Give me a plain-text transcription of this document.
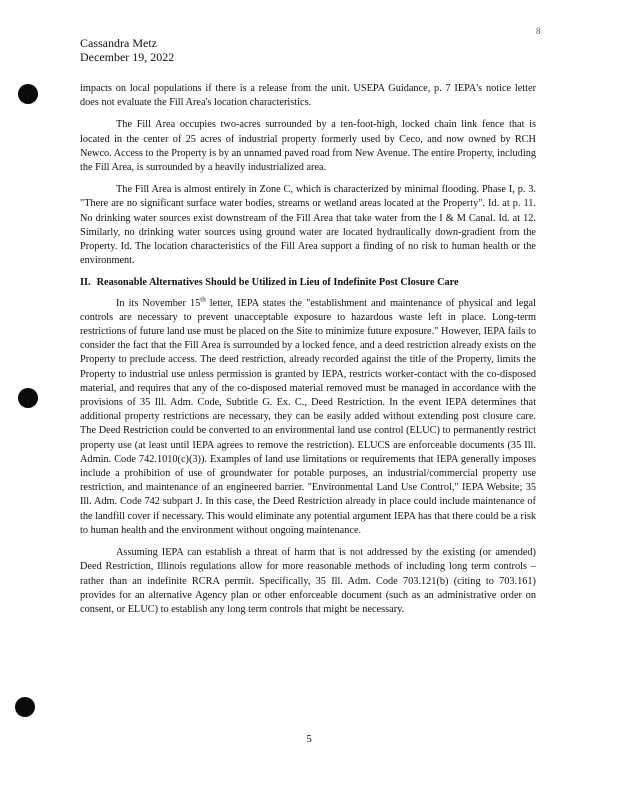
8
Cassandra Metz
December 19, 2022

impacts on local populations if there is a release from the unit. USEPA Guidance, p. 7 IEPA's notice letter does not evaluate the Fill Area's location characteristics.

The Fill Area occupies two-acres surrounded by a ten-foot-high, locked chain link fence that is located in the center of 25 acres of industrial property formerly used by Ceco, and now owned by RCH Newco. Access to the Property is by an unnamed paved road from New Avenue. The entire Property, including the Fill Area, is surrounded by a heavily industrialized area.

The Fill Area is almost entirely in Zone C, which is characterized by minimal flooding. Phase I, p. 3. "There are no significant surface water bodies, streams or wetland areas located at the Property". Id. at p. 11. No drinking water sources exist downstream of the Fill Area that take water from the I & M Canal. Id. at 12. Similarly, no drinking water sources using ground water are located hydraulically down-gradient from the Property. Id. The location characteristics of the Fill Area support a finding of no risk to human health or the environment.

II. Reasonable Alternatives Should be Utilized in Lieu of Indefinite Post Closure Care

In its November 15th letter, IEPA states the "establishment and maintenance of physical and legal controls are necessary to prevent unacceptable exposure to hazardous waste left in place. Long-term restrictions of future land use must be placed on the Site to minimize future exposure." However, IEPA fails to consider the fact that the Fill Area is surrounded by a locked fence, and a deed restriction already exists on the Property to preclude access. The deed restriction, already recorded against the title of the Property, limits the Property to industrial use unless permission is granted by IEPA, restricts worker-contact with the co-disposed material, and requires that any of the co-disposed material removed must be managed in accordance with the provisions of 35 Ill. Adm. Code, Subtitle G. Ex. C., Deed Restriction. In the event IEPA determines that additional property restrictions are necessary, they can be easily added without extending post closure care. The Deed Restriction could be converted to an environmental land use control (ELUC) to permanently restrict property use (at least until IEPA agrees to remove the restriction). ELUCS are enforceable documents (35 Ill. Admin. Code 742.1010(c)(3)). Examples of land use limitations or requirements that IEPA generally imposes include a prohibition of use of groundwater for potable purposes, an industrial/commercial property use restriction, and maintenance of an engineered barrier. "Environmental Land Use Control," IEPA Website; 35 Ill. Adm. Code 742 subpart J. In this case, the Deed Restriction already in place could include maintenance of the landfill cover if necessary. This would eliminate any potential argument IEPA has that there could be a risk to human health and the environment without ongoing maintenance.

Assuming IEPA can establish a threat of harm that is not addressed by the existing (or amended) Deed Restriction, Illinois regulations allow for more reasonable methods of including long term controls – rather than an indefinite RCRA permit. Specifically, 35 Ill. Adm. Code 703.121(b) (citing to 703.161) provides for an alternative Agency plan or other enforceable document (such as an administrative order on consent, or ELUC) to establish any long term controls that might be necessary.

5
